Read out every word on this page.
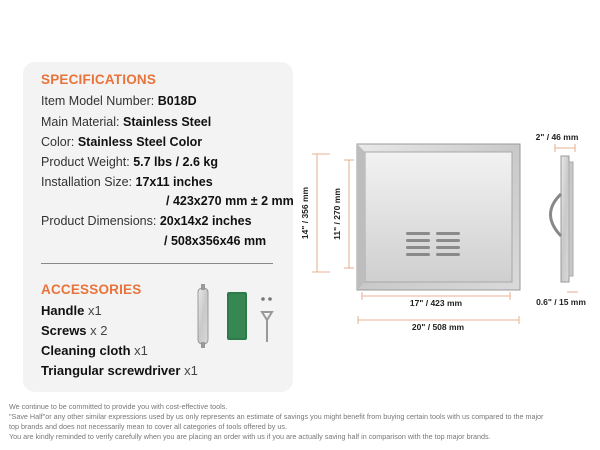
SPECIFICATIONS
Item Model Number: B018D
Main Material: Stainless Steel
Color: Stainless Steel Color
Product Weight: 5.7 lbs / 2.6 kg
Installation Size: 17x11 inches
/ 423x270 mm ± 2 mm
Product Dimensions: 20x14x2 inches
/ 508x356x46 mm
ACCESSORIES
Handle x1
Screws x 2
Cleaning cloth x1
Triangular screwdriver x1
14" / 356 mm	11" / 270 mm
17" / 423 mm
20" / 508 mm
2" / 46 mm
0.6" / 15 mm
We continue to be committed to provide you with cost-effective tools.
"Save Half"or any other similar expressions used by us only represents an estimate of savings you might benefit from buying certain tools with us compared to the major
top brands and does not necessarily mean to cover all categories of tools offered by us.
You are kindly reminded to verify carefully when you are placing an order with us if you are actually saving half in comparison with the top major brands.
